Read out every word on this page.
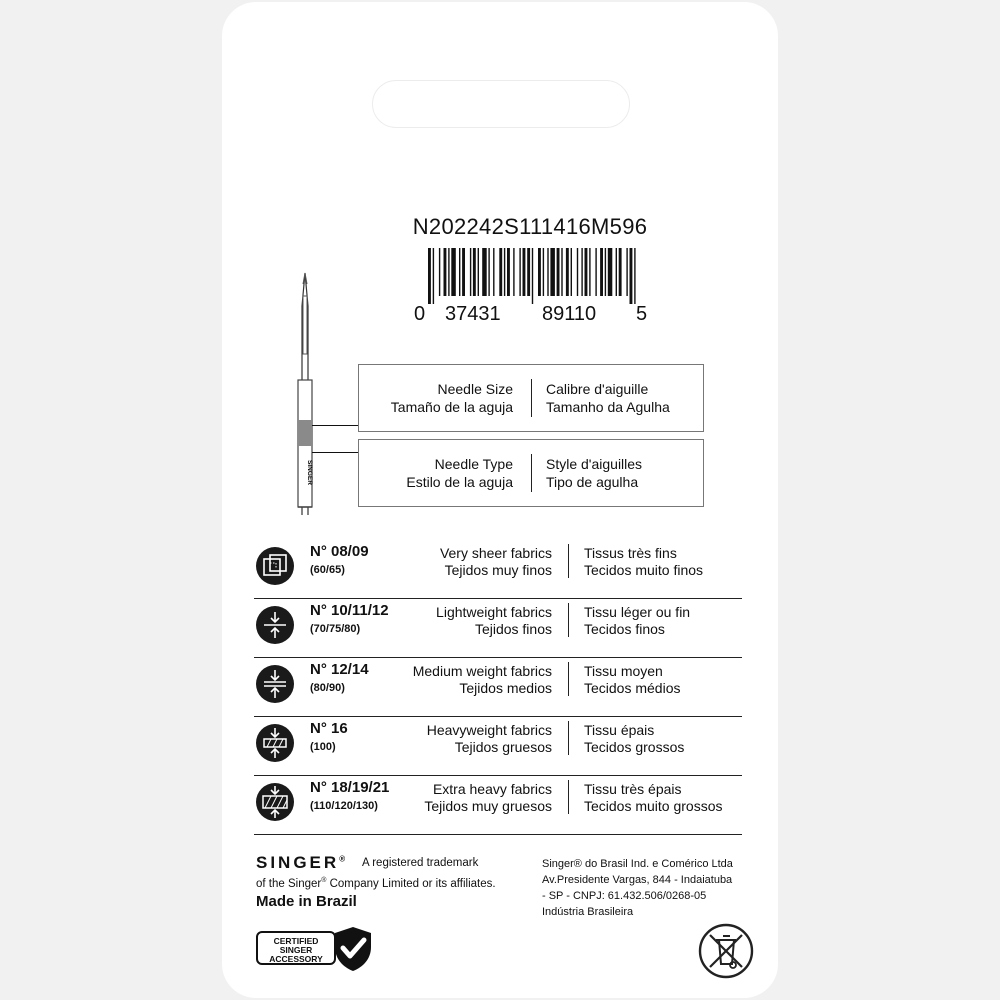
N202242S111416M596
0 37431 89110 5
SINGER
Needle Size
Tamaño de la aguja
Calibre d'aiguille
Tamanho da Agulha
Needle Type
Estilo de la aguja
Style d'aiguilles
Tipo de agulha
N° 08/09
(60/65)
Very sheer fabrics
Tejidos muy finos
Tissus très fins
Tecidos muito finos
N° 10/11/12
(70/75/80)
Lightweight fabrics
Tejidos finos
Tissu léger ou fin
Tecidos finos
N° 12/14
(80/90)
Medium weight fabrics
Tejidos medios
Tissu moyen
Tecidos médios
N° 16
(100)
Heavyweight fabrics
Tejidos gruesos
Tissu épais
Tecidos grossos
N° 18/19/21
(110/120/130)
Extra heavy fabrics
Tejidos muy gruesos
Tissu très épais
Tecidos muito grossos
SINGER® A registered trademark
of the Singer® Company Limited or its affiliates.
Made in Brazil
Singer® do Brasil Ind. e Comérico Ltda
Av.Presidente Vargas, 844 - Indaiatuba
- SP - CNPJ: 61.432.506/0268-05
Indústria Brasileira
CERTIFIED
SINGER
ACCESSORY
